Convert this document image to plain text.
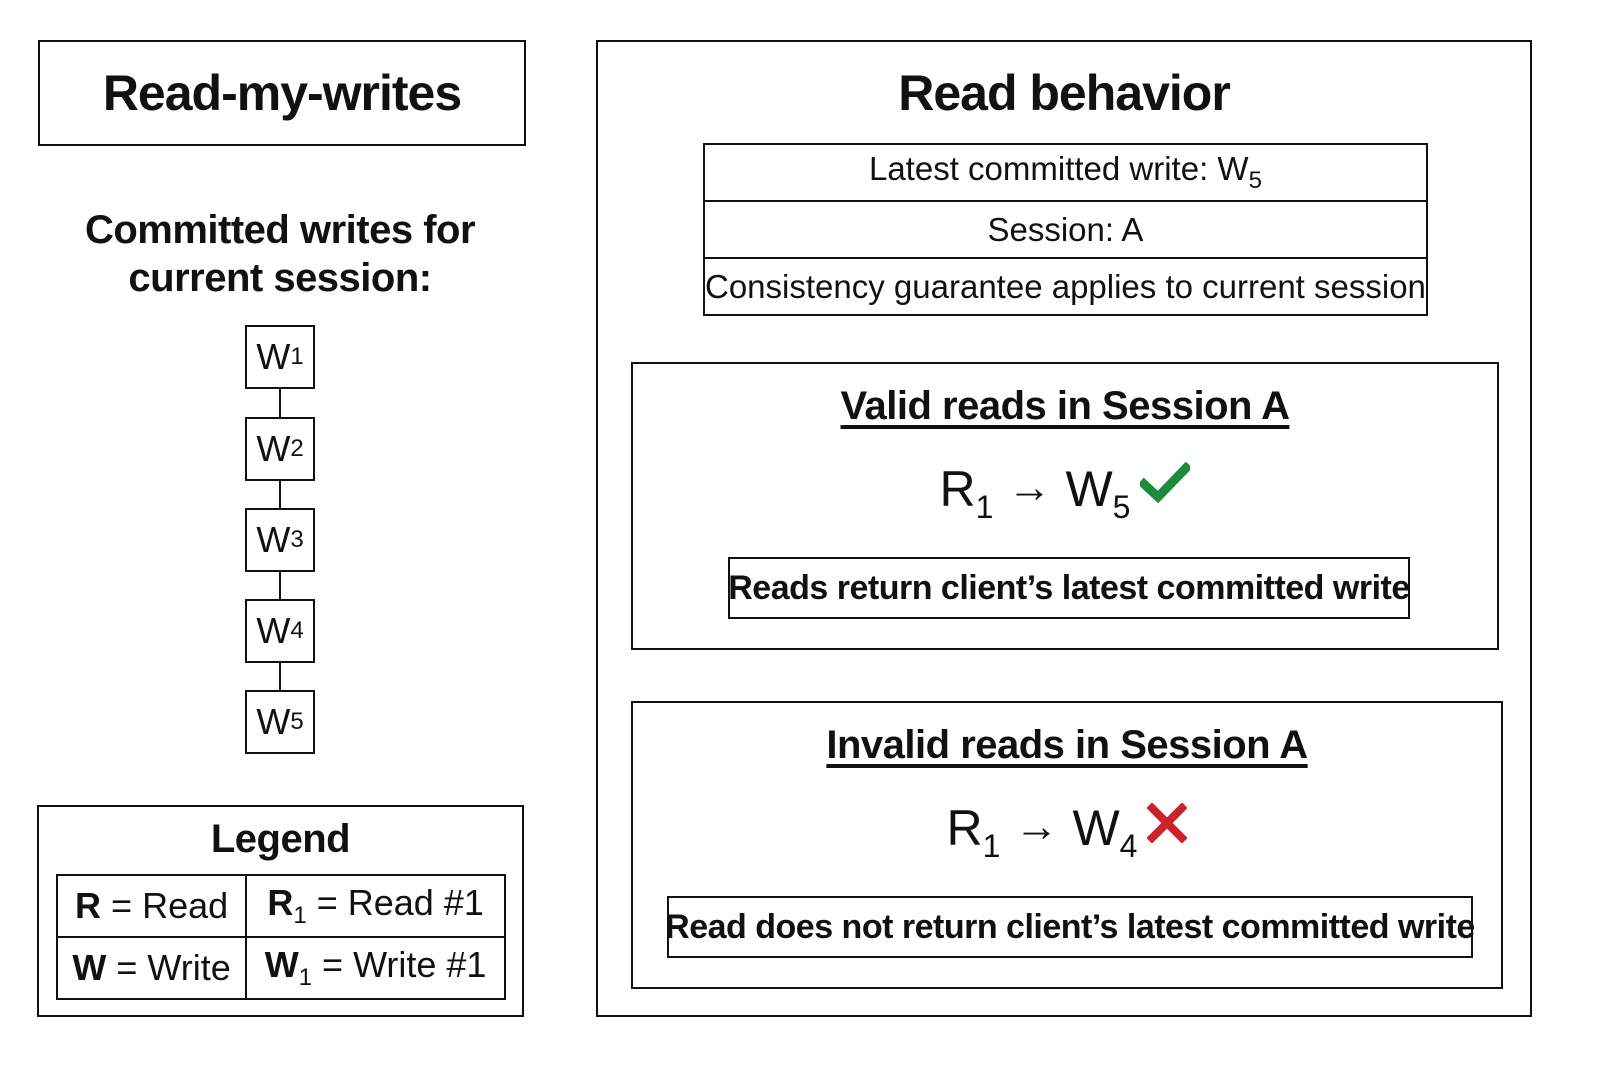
Read-my-writes
Committed writes for
current session:
W 1
W 2
W 3
W 4
W 5
Legend
R = Read	$R_1$ = Read #1
W = Write	$W_1$ = Write #1
Read behavior
Latest committed write: $W_5$
Session: A
Consistency guarantee applies to current session
Valid reads in Session A
$R_1 \to W_5$
Reads return client’s latest committed write
Invalid reads in Session A
$R_1 \to W_4$
Read does not return client’s latest committed write
